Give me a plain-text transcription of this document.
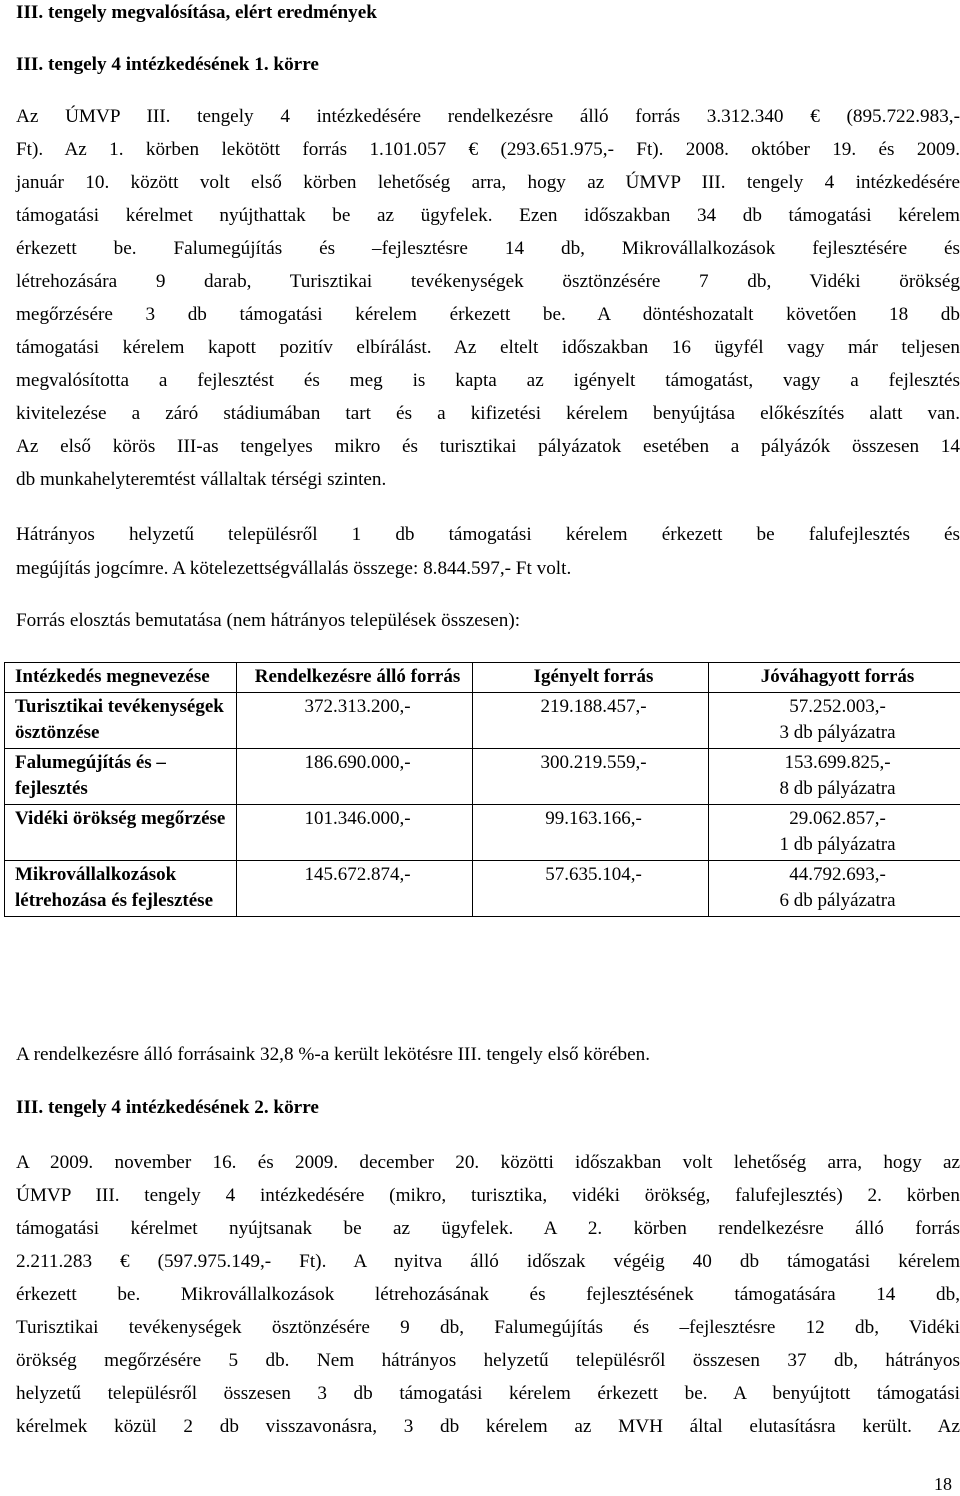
III. tengely megvalósítása, elért eredmények
III. tengely 4 intézkedésének 1. körre
Az ÚMVP III. tengely 4 intézkedésére rendelkezésre álló forrás 3.312.340 € (895.722.983,-
Ft). Az 1. körben lekötött forrás 1.101.057 € (293.651.975,- Ft). 2008. október 19. és 2009.
január 10. között volt első körben lehetőség arra, hogy az ÚMVP III. tengely 4 intézkedésére
támogatási kérelmet nyújthattak be az ügyfelek. Ezen időszakban 34 db támogatási kérelem
érkezett be. Falumegújítás és –fejlesztésre 14 db, Mikrovállalkozások fejlesztésére és
létrehozására 9 darab, Turisztikai tevékenységek ösztönzésére 7 db, Vidéki örökség
megőrzésére 3 db támogatási kérelem érkezett be. A döntéshozatalt követően 18 db
támogatási kérelem kapott pozitív elbírálást. Az eltelt időszakban 16 ügyfél vagy már teljesen
megvalósította a fejlesztést és meg is kapta az igényelt támogatást, vagy a fejlesztés
kivitelezése a záró stádiumában tart és a kifizetési kérelem benyújtása előkészítés alatt van.
Az első körös III-as tengelyes mikro és turisztikai pályázatok esetében a pályázók összesen 14
db munkahelyteremtést vállaltak térségi szinten.
Hátrányos helyzetű településről 1 db támogatási kérelem érkezett be falufejlesztés és
megújítás jogcímre. A kötelezettségvállalás összege: 8.844.597,- Ft volt.
Forrás elosztás bemutatása (nem hátrányos települések összesen):
Intézkedés megnevezése	Rendelkezésre álló forrás	Igényelt forrás	Jóváhagyott forrás
Turisztikai tevékenységek ösztönzése	372.313.200,-	219.188.457,-	57.252.003,-
3 db pályázatra

Falumegújítás és – fejlesztés	186.690.000,-	300.219.559,-	153.699.825,-
8 db pályázatra

Vidéki örökség megőrzése	101.346.000,-	99.163.166,-	29.062.857,-
1 db pályázatra

Mikrovállalkozások létrehozása és fejlesztése	145.672.874,-	57.635.104,-	44.792.693,-
6 db pályázatra
A rendelkezésre álló forrásaink 32,8 %-a került lekötésre III. tengely első körében.
III. tengely 4 intézkedésének 2. körre
A 2009. november 16. és 2009. december 20. közötti időszakban volt lehetőség arra, hogy az
ÚMVP III. tengely 4 intézkedésére (mikro, turisztika, vidéki örökség, falufejlesztés) 2. körben
támogatási kérelmet nyújtsanak be az ügyfelek. A 2. körben rendelkezésre álló forrás
2.211.283 € (597.975.149,- Ft). A nyitva álló időszak végéig 40 db támogatási kérelem
érkezett be. Mikrovállalkozások létrehozásának és fejlesztésének támogatására 14 db,
Turisztikai tevékenységek ösztönzésére 9 db, Falumegújítás és –fejlesztésre 12 db, Vidéki
örökség megőrzésére 5 db. Nem hátrányos helyzetű településről összesen 37 db, hátrányos
helyzetű településről összesen 3 db támogatási kérelem érkezett be. A benyújtott támogatási
kérelmek közül 2 db visszavonásra, 3 db kérelem az MVH által elutasításra került. Az
18
